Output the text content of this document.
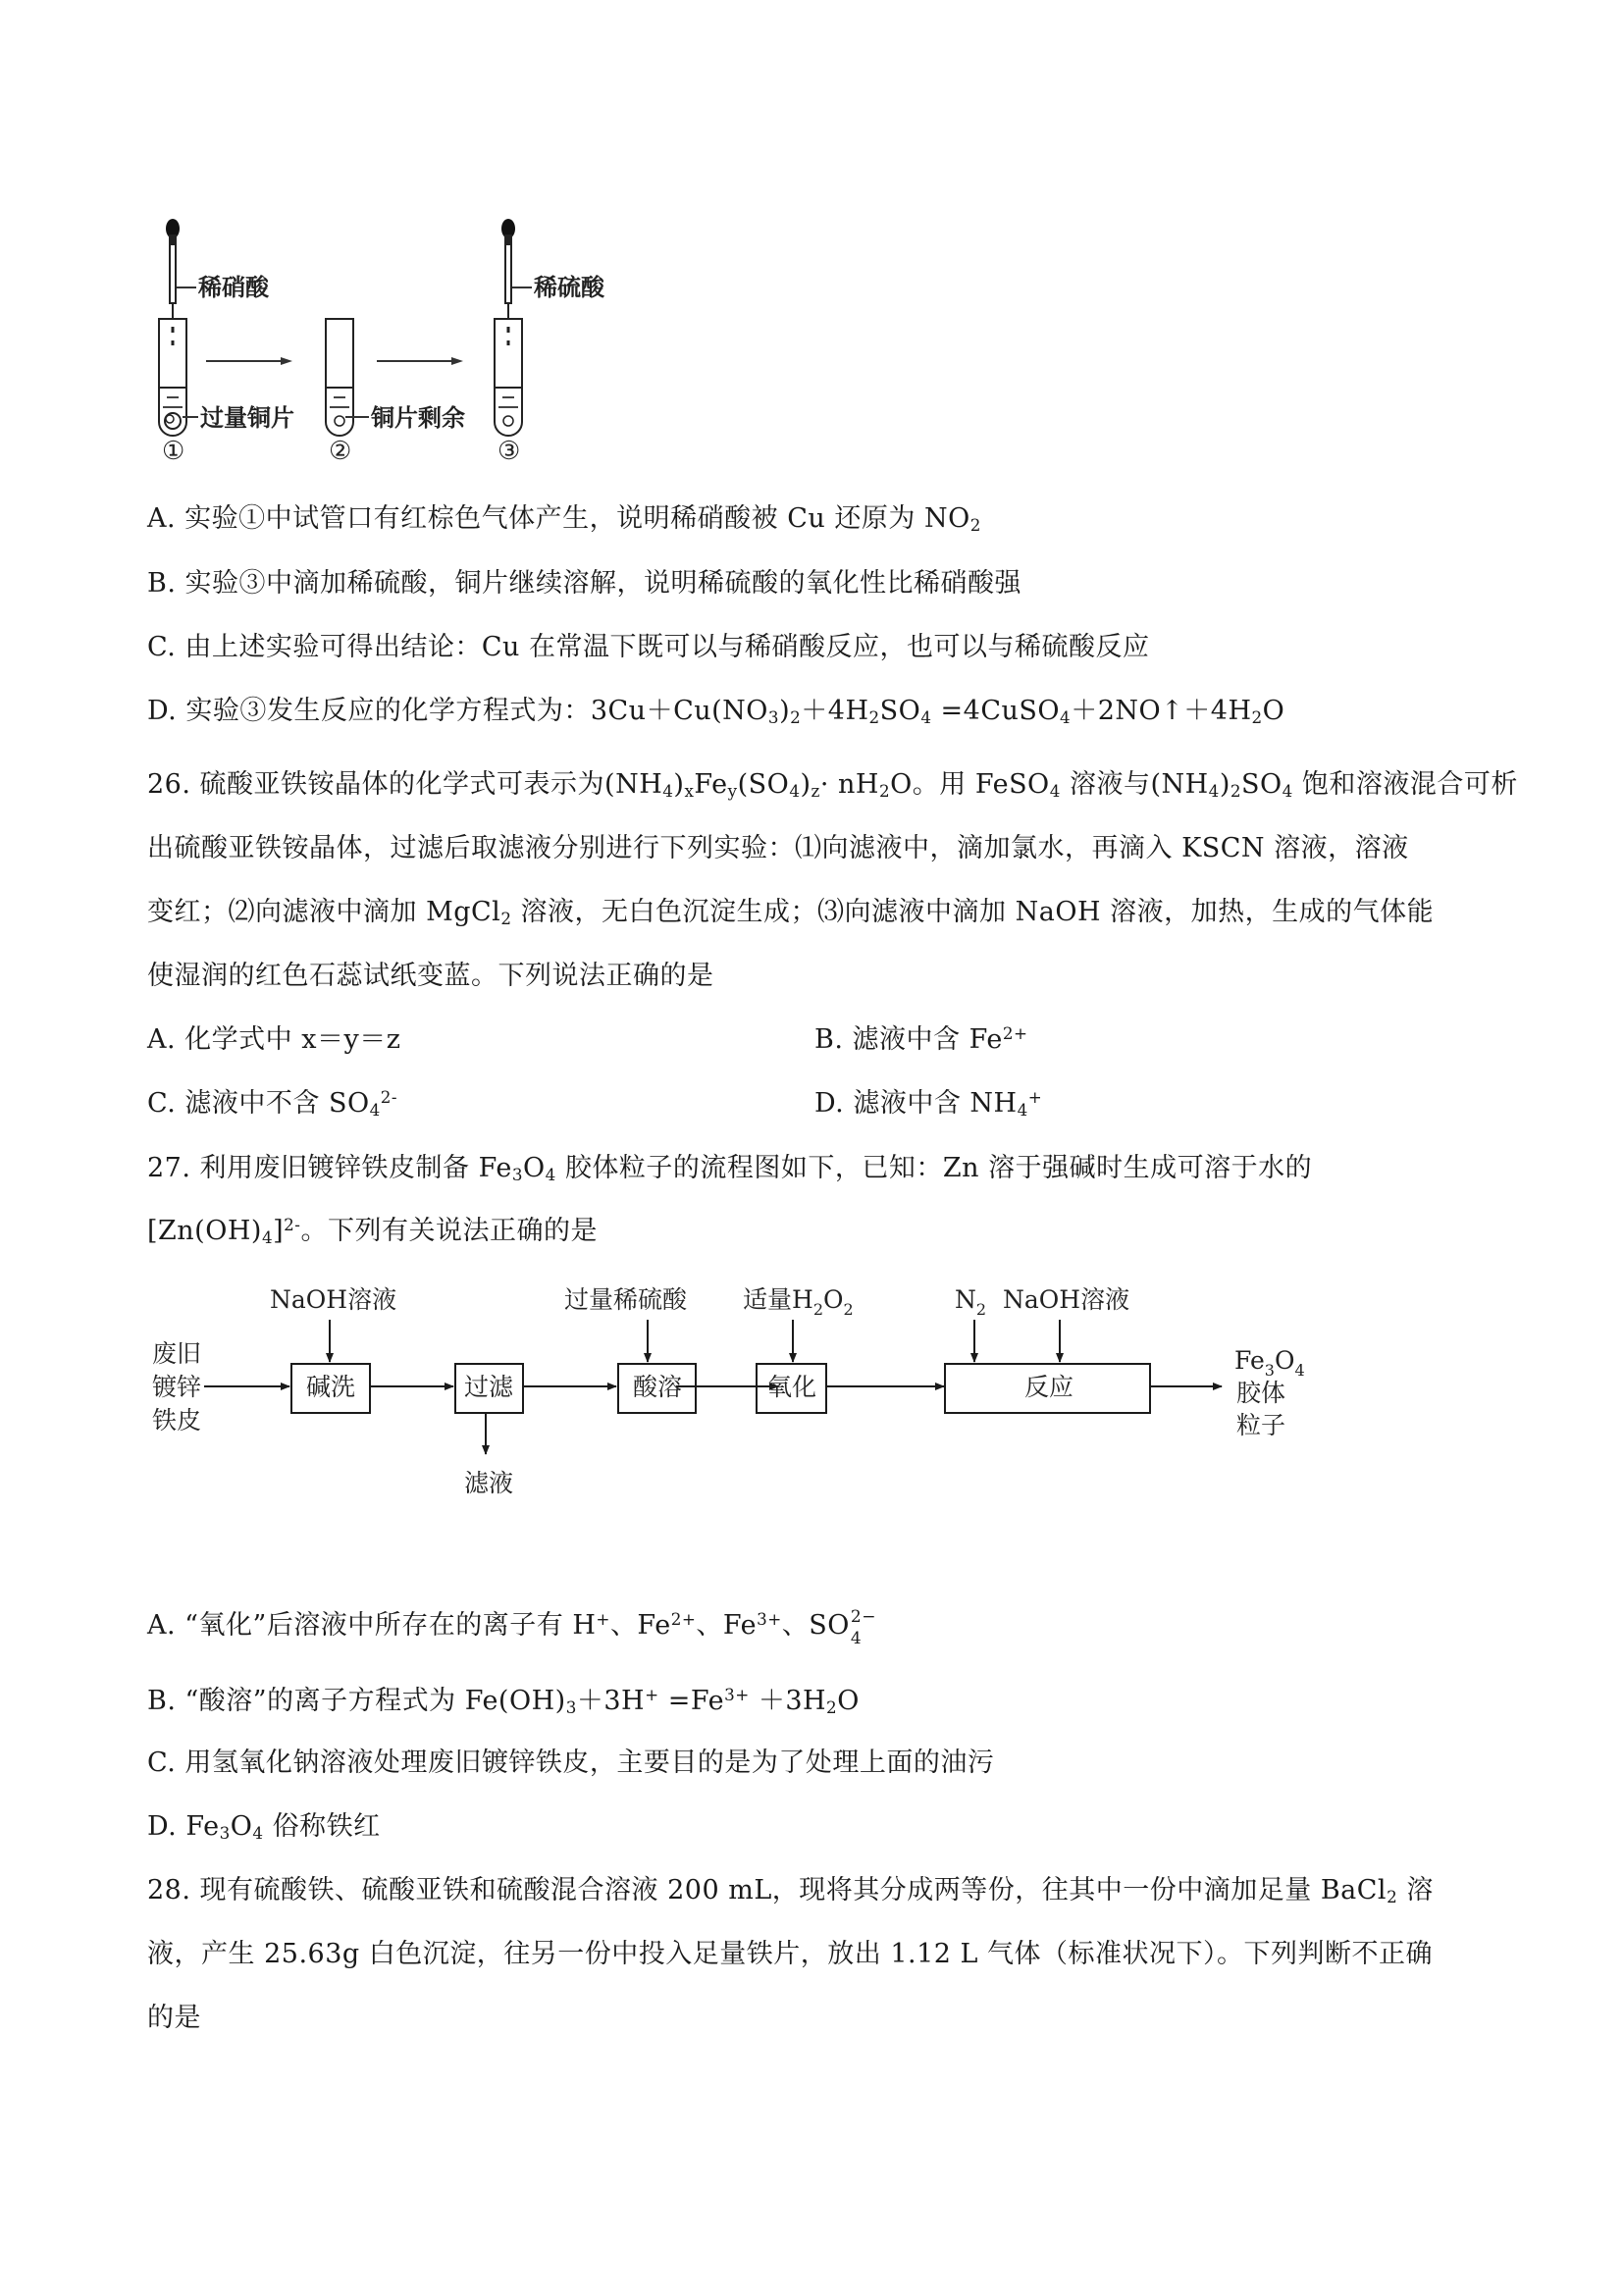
稀硝酸
过量铜片
①
铜片剩余
②
稀硫酸
③
A. 实验①中试管口有红棕色气体产生，说明稀硝酸被 Cu 还原为 $NO_2$
B. 实验③中滴加稀硫酸，铜片继续溶解，说明稀硫酸的氧化性比稀硝酸强
C. 由上述实验可得出结论：Cu 在常温下既可以与稀硝酸反应，也可以与稀硫酸反应
D. 实验③发生反应的化学方程式为：$3Cu+Cu(NO_3)_2+4H_2SO_4$ $=4CuSO_4+2NO↑+4H_2O$
26. 硫酸亚铁铵晶体的化学式可表示为$(NH_4)_xFe_y(SO_4)_z\cdot nH_2O$。用 FeSO$_4$ 溶液与$(NH_4)_2SO_4$ 饱和溶液混合可析
出硫酸亚铁铵晶体，过滤后取滤液分别进行下列实验：⑴向滤液中，滴加氯水，再滴入 KSCN 溶液，溶液
变红；⑵向滤液中滴加 MgCl$_2$ 溶液，无白色沉淀生成；⑶向滤液中滴加 NaOH 溶液，加热，生成的气体能
使湿润的红色石蕊试纸变蓝。下列说法正确的是
A. 化学式中 x＝y＝z	B. 滤液中含 $Fe^{2+}$
C. 滤液中不含 $SO_4^{2-}$	D. 滤液中含 $NH_4^+$
27. 利用废旧镀锌铁皮制备 $Fe_3O_4$ 胶体粒子的流程图如下，已知：Zn 溶于强碱时生成可溶于水的
$[Zn(OH)_4]^{2-}$。下列有关说法正确的是
废旧
镀锌
铁皮
碱洗	过滤	酸溶	氧化	反应
滤液
NaOH溶液	过量稀硫酸 适量$H_2O_2$	$N_2$ NaOH溶液
$Fe_3O_4$
胶体
粒子
A. “氧化”后溶液中所存在的离子有 H+、$Fe^{2+}$、$Fe^{3+}$、SO 2−
4
B. “酸溶”的离子方程式为 $Fe(OH)_3+3H^+ =Fe^{3+} +3H_2O$
C. 用氢氧化钠溶液处理废旧镀锌铁皮，主要目的是为了处理上面的油污
D. $Fe_3O_4$ 俗称铁红
28. 现有硫酸铁、硫酸亚铁和硫酸混合溶液 200 mL，现将其分成两等份，往其中一份中滴加足量 BaCl$_2$ 溶
液，产生 25.63g 白色沉淀，往另一份中投入足量铁片，放出 1.12 L 气体（标准状况下）。下列判断不正确
的是
